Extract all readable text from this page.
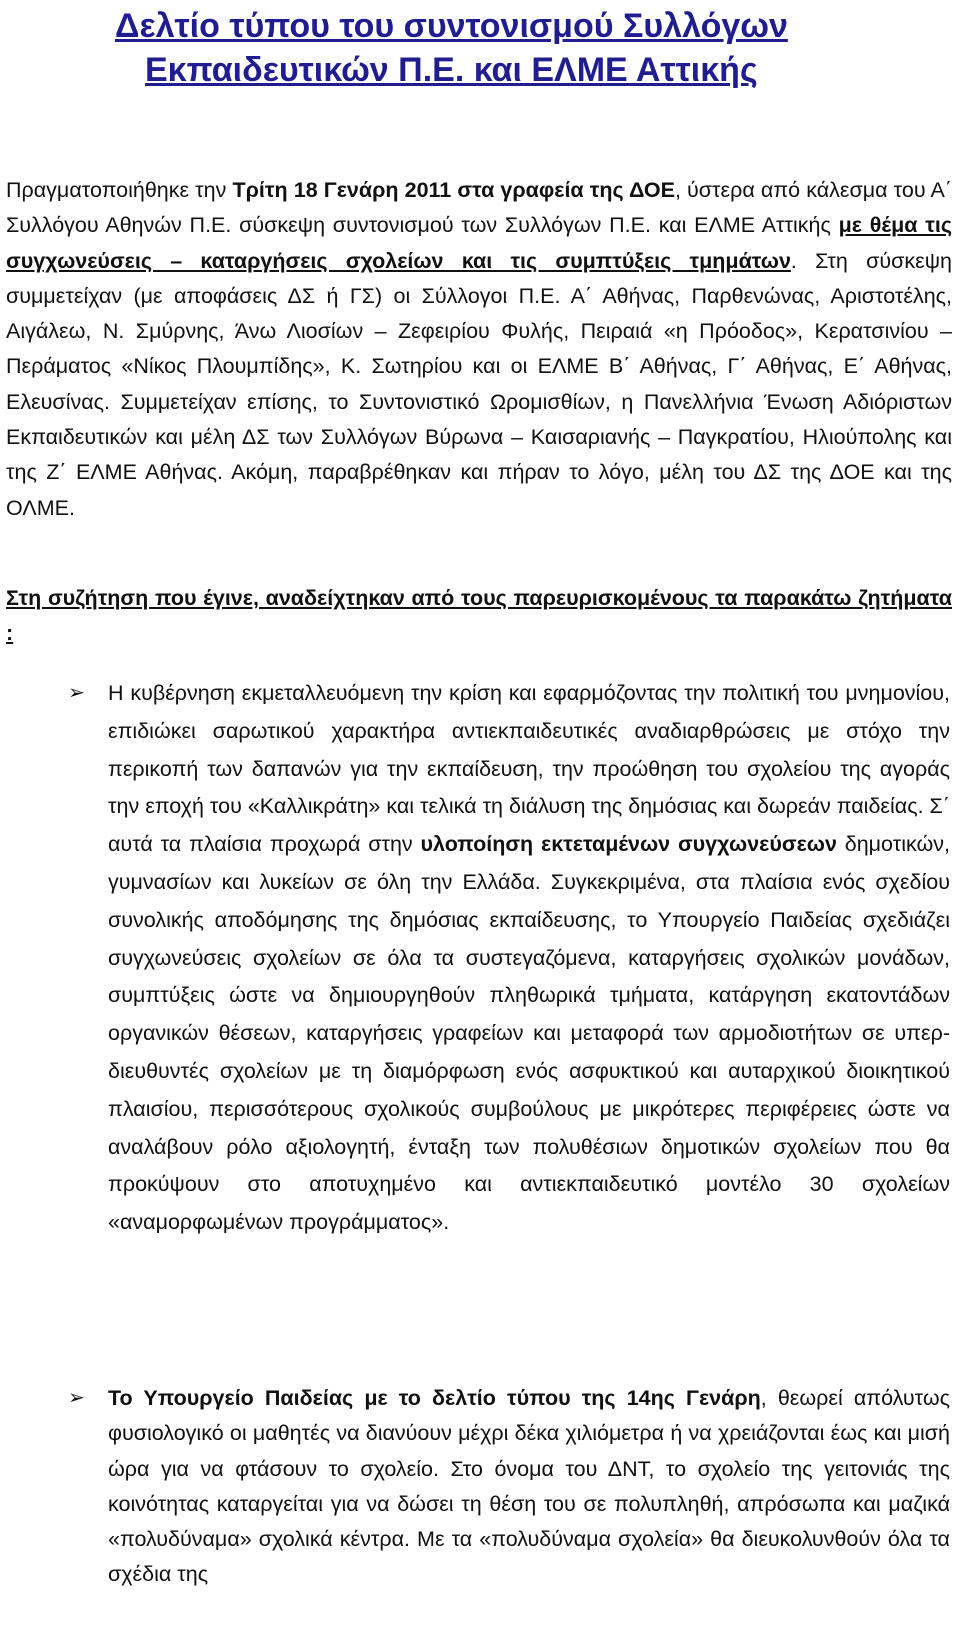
Δελτίο τύπου του συντονισμού Συλλόγων
Εκπαιδευτικών Π.Ε. και ΕΛΜΕ Αττικής
Πραγματοποιήθηκε την Τρίτη 18 Γενάρη 2011 στα γραφεία της ΔΟΕ, ύστερα από κάλεσμα του Α΄ Συλλόγου Αθηνών Π.Ε. σύσκεψη συντονισμού των Συλλόγων Π.Ε. και ΕΛΜΕ Αττικής με θέμα τις συγχωνεύσεις – καταργήσεις σχολείων και τις συμπτύξεις τμημάτων. Στη σύσκεψη συμμετείχαν (με αποφάσεις ΔΣ ή ΓΣ) οι Σύλλογοι Π.Ε. Α΄ Αθήνας, Παρθενώνας, Αριστοτέλης, Αιγάλεω, Ν. Σμύρνης, Άνω Λιοσίων – Ζεφειρίου Φυλής, Πειραιά «η Πρόοδος», Κερατσινίου – Περάματος «Νίκος Πλουμπίδης», Κ. Σωτηρίου και οι ΕΛΜΕ Β΄ Αθήνας, Γ΄ Αθήνας, Ε΄ Αθήνας, Ελευσίνας. Συμμετείχαν επίσης, το Συντονιστικό Ωρομισθίων, η Πανελλήνια Ένωση Αδιόριστων Εκπαιδευτικών και μέλη ΔΣ των Συλλόγων Βύρωνα – Καισαριανής – Παγκρατίου, Ηλιούπολης και της Ζ΄ ΕΛΜΕ Αθήνας. Ακόμη, παραβρέθηκαν και πήραν το λόγο, μέλη του ΔΣ της ΔΟΕ και της ΟΛΜΕ.
Στη συζήτηση που έγινε, αναδείχτηκαν από τους παρευρισκομένους τα παρακάτω ζητήματα :
➢ Η κυβέρνηση εκμεταλλευόμενη την κρίση και εφαρμόζοντας την πολιτική του μνημονίου, επιδιώκει σαρωτικού χαρακτήρα αντιεκπαιδευτικές αναδιαρθρώσεις με στόχο την περικοπή των δαπανών για την εκπαίδευση, την προώθηση του σχολείου της αγοράς την εποχή του «Καλλικράτη» και τελικά τη διάλυση της δημόσιας και δωρεάν παιδείας. Σ΄ αυτά τα πλαίσια προχωρά στην υλοποίηση εκτεταμένων συγχωνεύσεων δημοτικών, γυμνασίων και λυκείων σε όλη την Ελλάδα. Συγκεκριμένα, στα πλαίσια ενός σχεδίου συνολικής αποδόμησης της δημόσιας εκπαίδευσης, το Υπουργείο Παιδείας σχεδιάζει συγχωνεύσεις σχολείων σε όλα τα συστεγαζόμενα, καταργήσεις σχολικών μονάδων, συμπτύξεις ώστε να δημιουργηθούν πληθωρικά τμήματα, κατάργηση εκατοντάδων οργανικών θέσεων, καταργήσεις γραφείων και μεταφορά των αρμοδιοτήτων σε υπερ-διευθυντές σχολείων με τη διαμόρφωση ενός ασφυκτικού και αυταρχικού διοικητικού πλαισίου, περισσότερους σχολικούς συμβούλους με μικρότερες περιφέρειες ώστε να αναλάβουν ρόλο αξιολογητή, ένταξη των πολυθέσιων δημοτικών σχολείων που θα προκύψουν στο αποτυχημένο και αντιεκπαιδευτικό μοντέλο 30 σχολείων «αναμορφωμένων προγράμματος».
➢ Το Υπουργείο Παιδείας με το δελτίο τύπου της 14ης Γενάρη, θεωρεί απόλυτως φυσιολογικό οι μαθητές να διανύουν μέχρι δέκα χιλιόμετρα ή να χρειάζονται έως και μισή ώρα για να φτάσουν το σχολείο. Στο όνομα του ΔΝΤ, το σχολείο της γειτονιάς της κοινότητας καταργείται για να δώσει τη θέση του σε πολυπληθή, απρόσωπα και μαζικά «πολυδύναμα» σχολικά κέντρα. Με τα «πολυδύναμα σχολεία» θα διευκολυνθούν όλα τα σχέδια της
